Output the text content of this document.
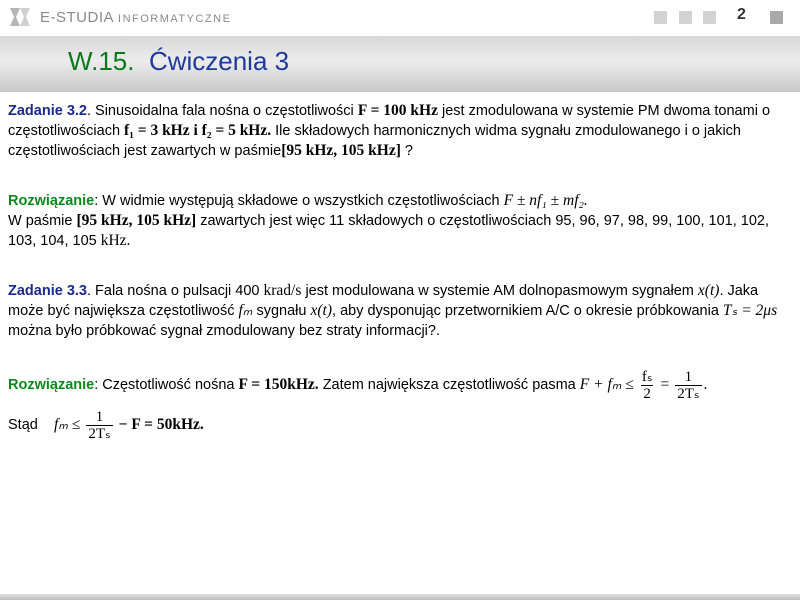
E-STUDIA INFORMATYCZNE	2
W.15. Ćwiczenia 3

Zadanie 3.2. Sinusoidalna fala nośna o częstotliwości F = 100 kHz jest zmodulowana w systemie PM dwoma tonami o częstotliwościach f₁ = 3 kHz i f₂ = 5 kHz. Ile składowych harmonicznych widma sygnału zmodulowanego i o jakich częstotliwościach jest zawartych w paśmie[95 kHz, 105 kHz] ?

Rozwiązanie: W widmie występują składowe o wszystkich częstotliwościach F ± nf₁ ± mf₂.
W paśmie [95 kHz, 105 kHz] zawartych jest więc 11 składowych o częstotliwościach 95, 96, 97, 98, 99, 100, 101, 102, 103, 104, 105 kHz.

Zadanie 3.3. Fala nośna o pulsacji 400 krad/s jest modulowana w systemie AM dolnopasmowym sygnałem x(t). Jaka może być największa częstotliwość fₘ sygnału x(t), aby dysponując przetwornikiem A/C o okresie próbkowania Tₛ = 2μs można było próbkować sygnał zmodulowany bez straty informacji?.

Rozwiązanie: Częstotliwość nośna F = 150kHz. Zatem największa częstotliwość pasma $F + f_m \le \frac{\text{fₛ}}{2} = \frac{1}{\text{2Tₛ}}$ .

Stąd $f_m \le \frac{1}{\text{2Tₛ}} - F = 50kHz$.
